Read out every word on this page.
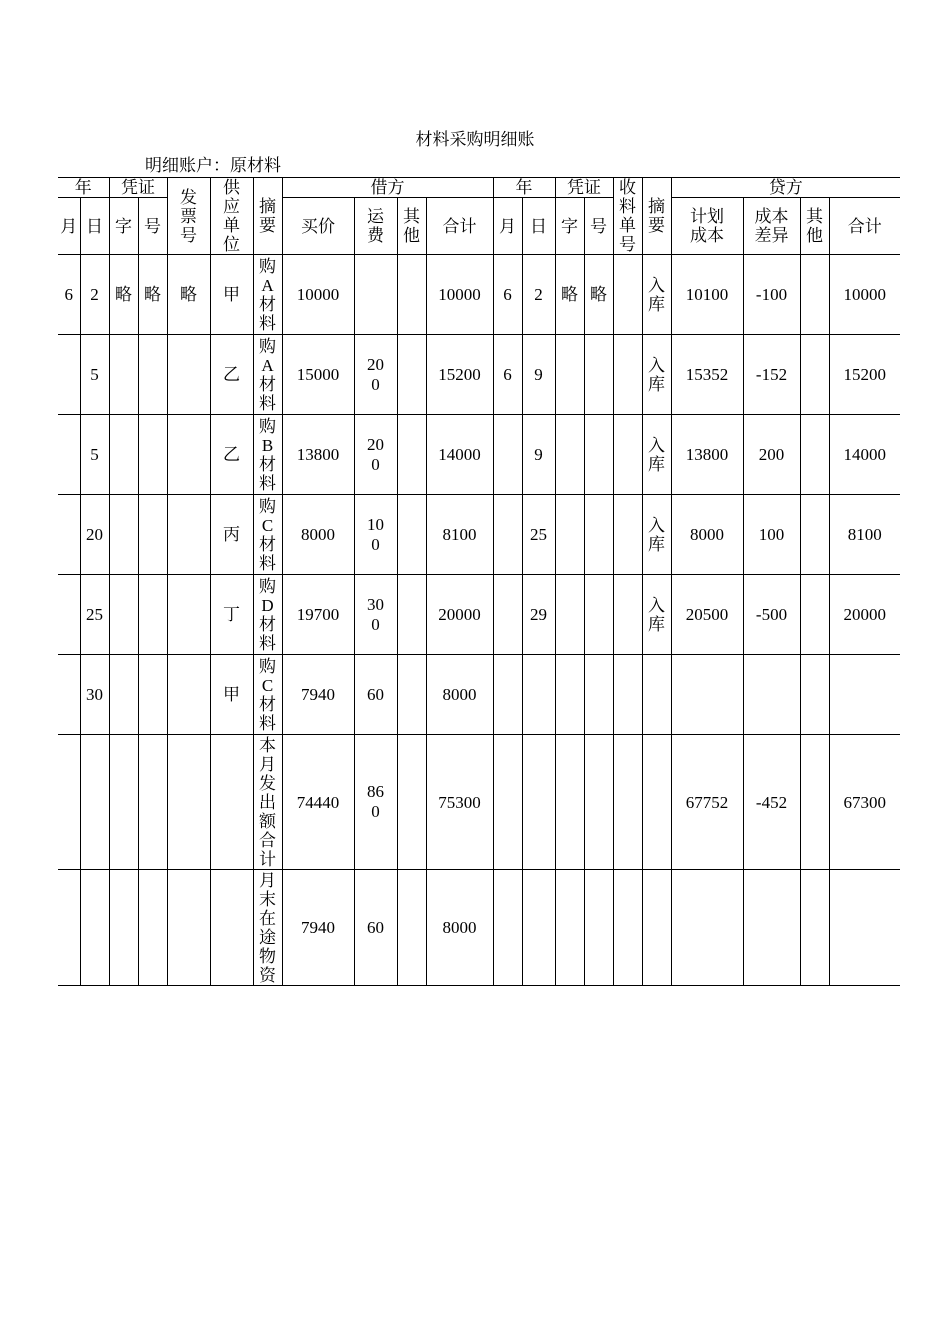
材料采购明细账
明细账户：原材料
年		凭证		发票号	供应单位	摘要	借方				年		凭证		收料单号	摘要	贷方			
月	日	字	号				买价	运费	其他	合计	月	日	字	号			计划成本	成本差异	其他	合计
6	2	略	略	略	甲	购A材料	10000			10000	6	2	略	略		入库	10100	-100		10000
	5				乙	购A材料	15000	200		15200	6	9				入库	15352	-152		15200
	5				乙	购B材料	13800	200		14000		9				入库	13800	200		14000
	20				丙	购C材料	8000	100		8100		25				入库	8000	100		8100
	25				丁	购D材料	19700	300		20000		29				入库	20500	-500		20000
	30				甲	购C材料	7940	60		8000										
						本月发出额合计	74440	860		75300							67752	-452		67300
						月末在途物资	7940	60		8000										
